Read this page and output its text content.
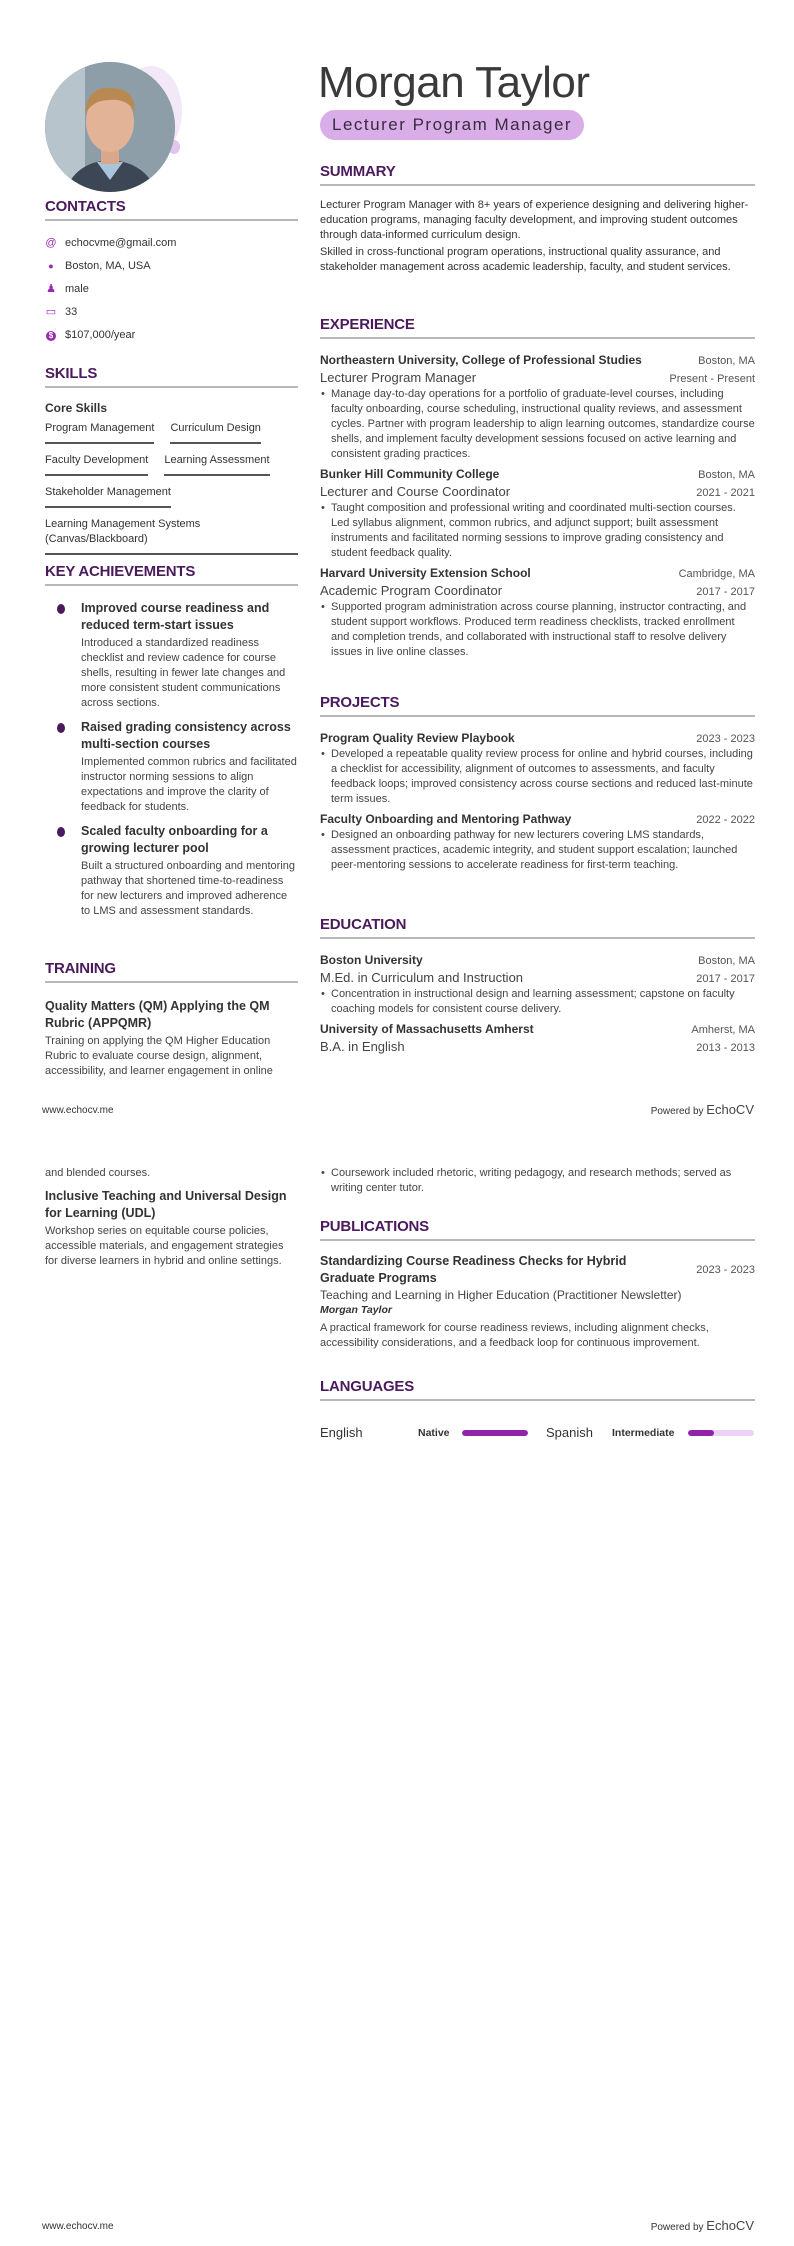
Morgan Taylor
Lecturer Program Manager
CONTACTS
@ echocvme@gmail.com
● Boston, MA, USA
♟ male
▭ 33
$	$107,000/year
SKILLS
Core Skills
Program Management Curriculum Design
Faculty Development Learning Assessment
Stakeholder Management
Learning Management Systems (Canvas/Blackboard)
KEY ACHIEVEMENTS
Improved course readiness and reduced term-start issues
Introduced a standardized readiness checklist and review cadence for course shells, resulting in fewer late changes and more consistent student communications across sections.
Raised grading consistency across multi-section courses
Implemented common rubrics and facilitated instructor norming sessions to align expectations and improve the clarity of feedback for students.
Scaled faculty onboarding for a growing lecturer pool
Built a structured onboarding and mentoring pathway that shortened time-to-readiness for new lecturers and improved adherence to LMS and assessment standards.
TRAINING
Quality Matters (QM) Applying the QM Rubric (APPQMR)
Training on applying the QM Higher Education Rubric to evaluate course design, alignment, accessibility, and learner engagement in online
SUMMARY

Lecturer Program Manager with 8+ years of experience designing and delivering higher-education programs, managing faculty development, and improving student outcomes through data-informed curriculum design.

Skilled in cross-functional program operations, instructional quality assurance, and stakeholder management across academic leadership, faculty, and student services.

EXPERIENCE
Northeastern University, College of Professional Studies	Boston, MA
Lecturer Program Manager	Present - Present
• Manage day-to-day operations for a portfolio of graduate-level courses, including faculty onboarding, course scheduling, instructional quality reviews, and assessment cycles. Partner with program leadership to align learning outcomes, standardize course shells, and implement faculty development sessions focused on active learning and consistent grading practices.
Bunker Hill Community College	Boston, MA
Lecturer and Course Coordinator	2021 - 2021
• Taught composition and professional writing and coordinated multi-section courses. Led syllabus alignment, common rubrics, and adjunct support; built assessment instruments and facilitated norming sessions to improve grading consistency and student feedback quality.
Harvard University Extension School	Cambridge, MA
Academic Program Coordinator	2017 - 2017
• Supported program administration across course planning, instructor contracting, and student support workflows. Produced term readiness checklists, tracked enrollment and completion trends, and collaborated with instructional staff to resolve delivery issues in live online classes.
PROJECTS
Program Quality Review Playbook	2023 - 2023
• Developed a repeatable quality review process for online and hybrid courses, including a checklist for accessibility, alignment of outcomes to assessments, and faculty feedback loops; improved consistency across course sections and reduced last-minute term issues.
Faculty Onboarding and Mentoring Pathway	2022 - 2022
• Designed an onboarding pathway for new lecturers covering LMS standards, assessment practices, academic integrity, and student support escalation; launched peer-mentoring sessions to accelerate readiness for first-term teaching.
EDUCATION
Boston University	Boston, MA
M.Ed. in Curriculum and Instruction	2017 - 2017
• Concentration in instructional design and learning assessment; capstone on faculty coaching models for consistent course delivery.
University of Massachusetts Amherst	Amherst, MA
B.A. in English	2013 - 2013
www.echocv.me	Powered by EchoCV
and blended courses.
Inclusive Teaching and Universal Design for Learning (UDL)
Workshop series on equitable course policies, accessible materials, and engagement strategies for diverse learners in hybrid and online settings.
• Coursework included rhetoric, writing pedagogy, and research methods; served as writing center tutor.
PUBLICATIONS
Standardizing Course Readiness Checks for Hybrid Graduate Programs
2023 - 2023
Teaching and Learning in Higher Education (Practitioner Newsletter)
Morgan Taylor
A practical framework for course readiness reviews, including alignment checks, accessibility considerations, and a feedback loop for continuous improvement.
LANGUAGES
English	Native	Spanish	Intermediate
www.echocv.me	Powered by EchoCV
